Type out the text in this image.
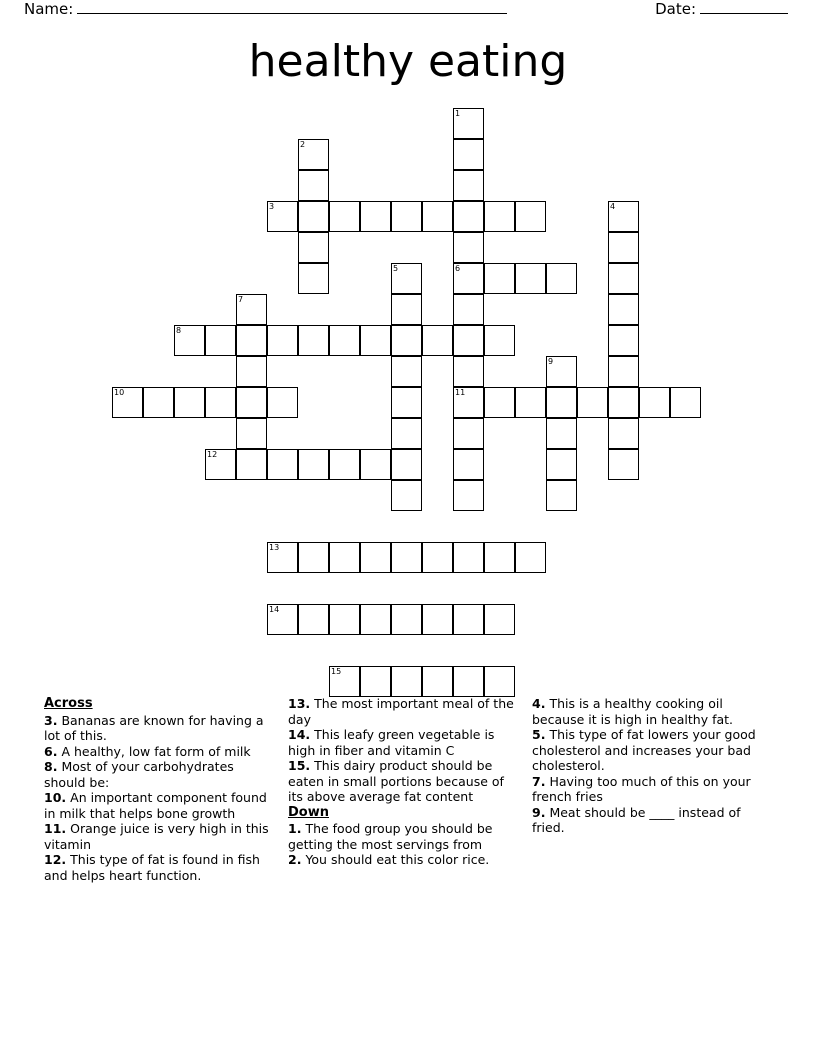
Name:	Date:
healthy eating
1
2
3	4
5	6
7
8
9
10	11
12
13
14
15
Across
3. Bananas are known for having a lot of this.
6. A healthy, low fat form of milk
8. Most of your carbohydrates should be:
10. An important component found in milk that helps bone growth
11. Orange juice is very high in this vitamin
12. This type of fat is found in fish and helps heart function.
13. The most important meal of the day
14. This leafy green vegetable is high in fiber and vitamin C
15. This dairy product should be eaten in small portions because of its above average fat content
Down
1. The food group you should be getting the most servings from
2. You should eat this color rice.
4. This is a healthy cooking oil because it is high in healthy fat.
5. This type of fat lowers your good cholesterol and increases your bad cholesterol.
7. Having too much of this on your french fries
9. Meat should be ____ instead of fried.
